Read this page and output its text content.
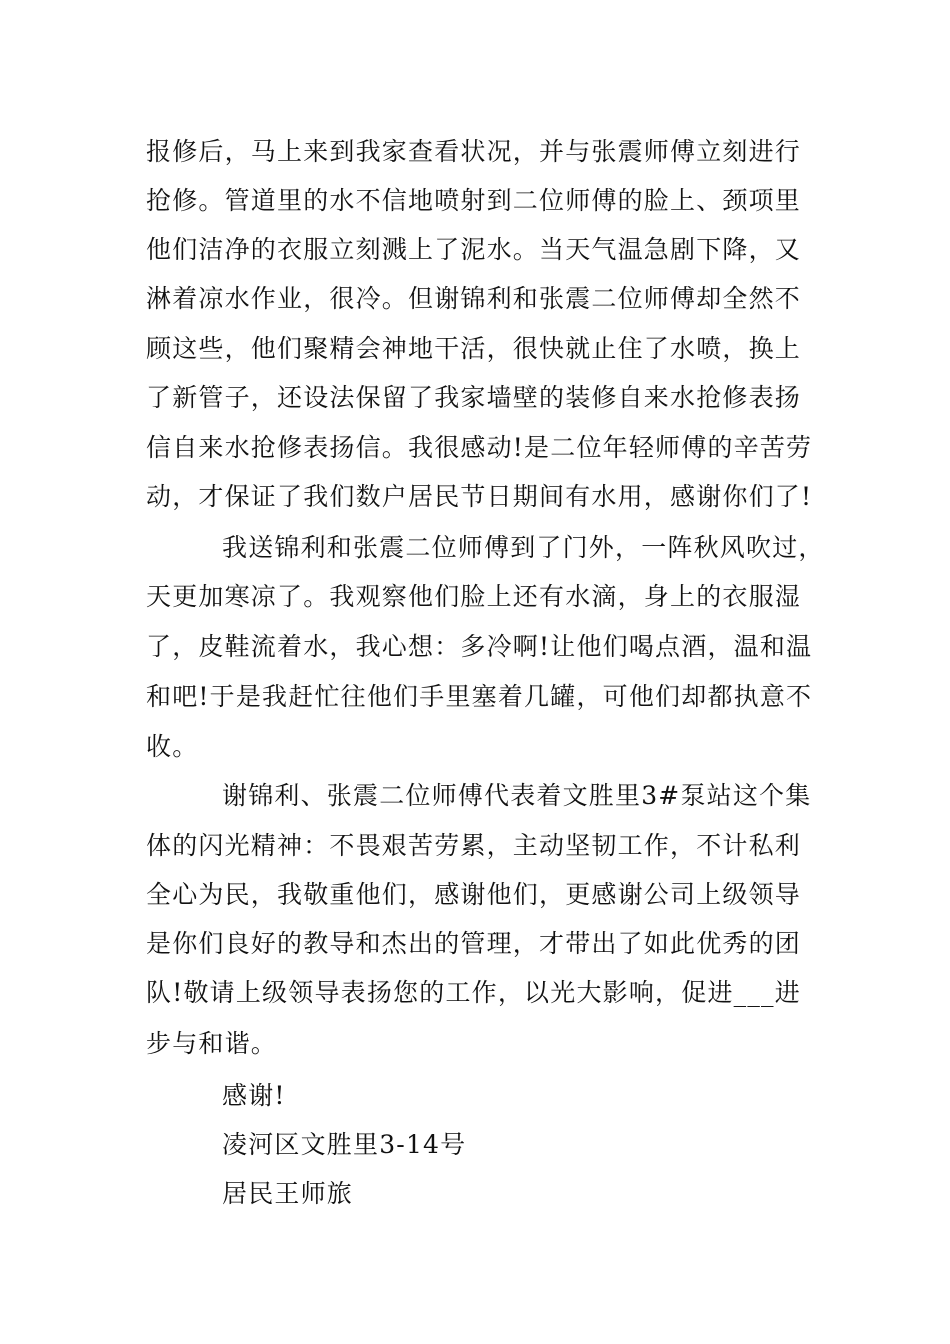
报修后，马上来到我家查看状况，并与张震师傅立刻进行
抢修。管道里的水不信地喷射到二位师傅的脸上、颈项里
他们洁净的衣服立刻溅上了泥水。当天气温急剧下降，又
淋着凉水作业，很冷。但谢锦利和张震二位师傅却全然不
顾这些，他们聚精会神地干活，很快就止住了水喷，换上
了新管子，还设法保留了我家墙壁的装修自来水抢修表扬
信自来水抢修表扬信。我很感动!是二位年轻师傅的辛苦劳
动，才保证了我们数户居民节日期间有水用，感谢你们了!
我送锦利和张震二位师傅到了门外，一阵秋风吹过，
天更加寒凉了。我观察他们脸上还有水滴，身上的衣服湿
了，皮鞋流着水，我心想：多冷啊!让他们喝点酒，温和温
和吧!于是我赶忙往他们手里塞着几罐，可他们却都执意不
收。
谢锦利、张震二位师傅代表着文胜里3#泵站这个集
体的闪光精神：不畏艰苦劳累，主动坚韧工作，不计私利
全心为民，我敬重他们，感谢他们，更感谢公司上级领导
是你们良好的教导和杰出的管理，才带出了如此优秀的团
队!敬请上级领导表扬您的工作，以光大影响，促进___进
步与和谐。
感谢!
凌河区文胜里3-14号
居民王师旅
